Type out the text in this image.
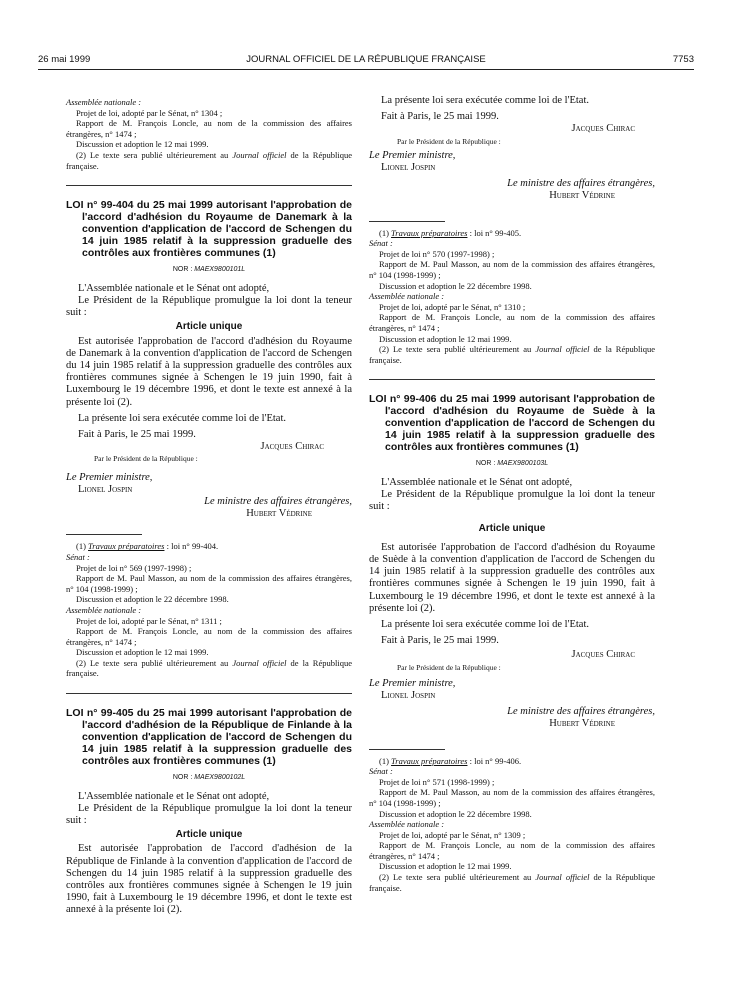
26 mai 1999	JOURNAL OFFICIEL DE LA RÉPUBLIQUE FRANÇAISE	7753

Assemblée nationale :

Projet de loi, adopté par le Sénat, n° 1304 ;

Rapport de M. François Loncle, au nom de la commission des affaires étrangères, n° 1474 ;

Discussion et adoption le 12 mai 1999.

(2) Le texte sera publié ultérieurement au Journal officiel de la République française.

LOI n° 99-404 du 25 mai 1999 autorisant l'approbation de l'accord d'adhésion du Royaume de Danemark à la convention d'application de l'accord de Schengen du 14 juin 1985 relatif à la suppression graduelle des contrôles aux frontières communes (1)

NOR : MAEX9800101L

L'Assemblée nationale et le Sénat ont adopté,

Le Président de la République promulgue la loi dont la teneur suit :

Article unique

Est autorisée l'approbation de l'accord d'adhésion du Royaume de Danemark à la convention d'application de l'accord de Schengen du 14 juin 1985 relatif à la suppression graduelle des contrôles aux frontières communes signée à Schengen le 19 juin 1990, fait à Luxembourg le 19 décembre 1996, et dont le texte est annexé à la présente loi (2).

La présente loi sera exécutée comme loi de l'Etat.

Fait à Paris, le 25 mai 1999.

Jacques Chirac

Par le Président de la République :

Le Premier ministre,

Lionel Jospin

Le ministre des affaires étrangères,

Hubert Védrine

(1) Travaux préparatoires : loi n° 99-404.

Sénat :

Projet de loi n° 569 (1997-1998) ;

Rapport de M. Paul Masson, au nom de la commission des affaires étrangères, n° 104 (1998-1999) ;

Discussion et adoption le 22 décembre 1998.

Assemblée nationale :

Projet de loi, adopté par le Sénat, n° 1311 ;

Rapport de M. François Loncle, au nom de la commission des affaires étrangères, n° 1474 ;

Discussion et adoption le 12 mai 1999.

(2) Le texte sera publié ultérieurement au Journal officiel de la République française.

LOI n° 99-405 du 25 mai 1999 autorisant l'approbation de l'accord d'adhésion de la République de Finlande à la convention d'application de l'accord de Schengen du 14 juin 1985 relatif à la suppression graduelle des contrôles aux frontières communes (1)

NOR : MAEX9800102L

L'Assemblée nationale et le Sénat ont adopté,

Le Président de la République promulgue la loi dont la teneur suit :

Article unique

Est autorisée l'approbation de l'accord d'adhésion de la République de Finlande à la convention d'application de l'accord de Schengen du 14 juin 1985 relatif à la suppression graduelle des contrôles aux frontières communes signée à Schengen le 19 juin 1990, fait à Luxembourg le 19 décembre 1996, et dont le texte est annexé à la présente loi (2).

La présente loi sera exécutée comme loi de l'Etat.

Fait à Paris, le 25 mai 1999.

Jacques Chirac

Par le Président de la République :

Le Premier ministre,

Lionel Jospin

Le ministre des affaires étrangères,

Hubert Védrine

(1) Travaux préparatoires : loi n° 99-405.

Sénat :

Projet de loi n° 570 (1997-1998) ;

Rapport de M. Paul Masson, au nom de la commission des affaires étrangères, n° 104 (1998-1999) ;

Discussion et adoption le 22 décembre 1998.

Assemblée nationale :

Projet de loi, adopté par le Sénat, n° 1310 ;

Rapport de M. François Loncle, au nom de la commission des affaires étrangères, n° 1474 ;

Discussion et adoption le 12 mai 1999.

(2) Le texte sera publié ultérieurement au Journal officiel de la République française.

LOI n° 99-406 du 25 mai 1999 autorisant l'approbation de l'accord d'adhésion du Royaume de Suède à la convention d'application de l'accord de Schengen du 14 juin 1985 relatif à la suppression graduelle des contrôles aux frontières communes (1)

NOR : MAEX9800103L

L'Assemblée nationale et le Sénat ont adopté,

Le Président de la République promulgue la loi dont la teneur suit :

Article unique

Est autorisée l'approbation de l'accord d'adhésion du Royaume de Suède à la convention d'application de l'accord de Schengen du 14 juin 1985 relatif à la suppression graduelle des contrôles aux frontières communes signée à Schengen le 19 juin 1990, fait à Luxembourg le 19 décembre 1996, et dont le texte est annexé à la présente loi (2).

La présente loi sera exécutée comme loi de l'Etat.

Fait à Paris, le 25 mai 1999.

Jacques Chirac

Par le Président de la République :

Le Premier ministre,

Lionel Jospin

Le ministre des affaires étrangères,

Hubert Védrine

(1) Travaux préparatoires : loi n° 99-406.

Sénat :

Projet de loi n° 571 (1998-1999) ;

Rapport de M. Paul Masson, au nom de la commission des affaires étrangères, n° 104 (1998-1999) ;

Discussion et adoption le 22 décembre 1998.

Assemblée nationale :

Projet de loi, adopté par le Sénat, n° 1309 ;

Rapport de M. François Loncle, au nom de la commission des affaires étrangères, n° 1474 ;

Discussion et adoption le 12 mai 1999.

(2) Le texte sera publié ultérieurement au Journal officiel de la République française.
